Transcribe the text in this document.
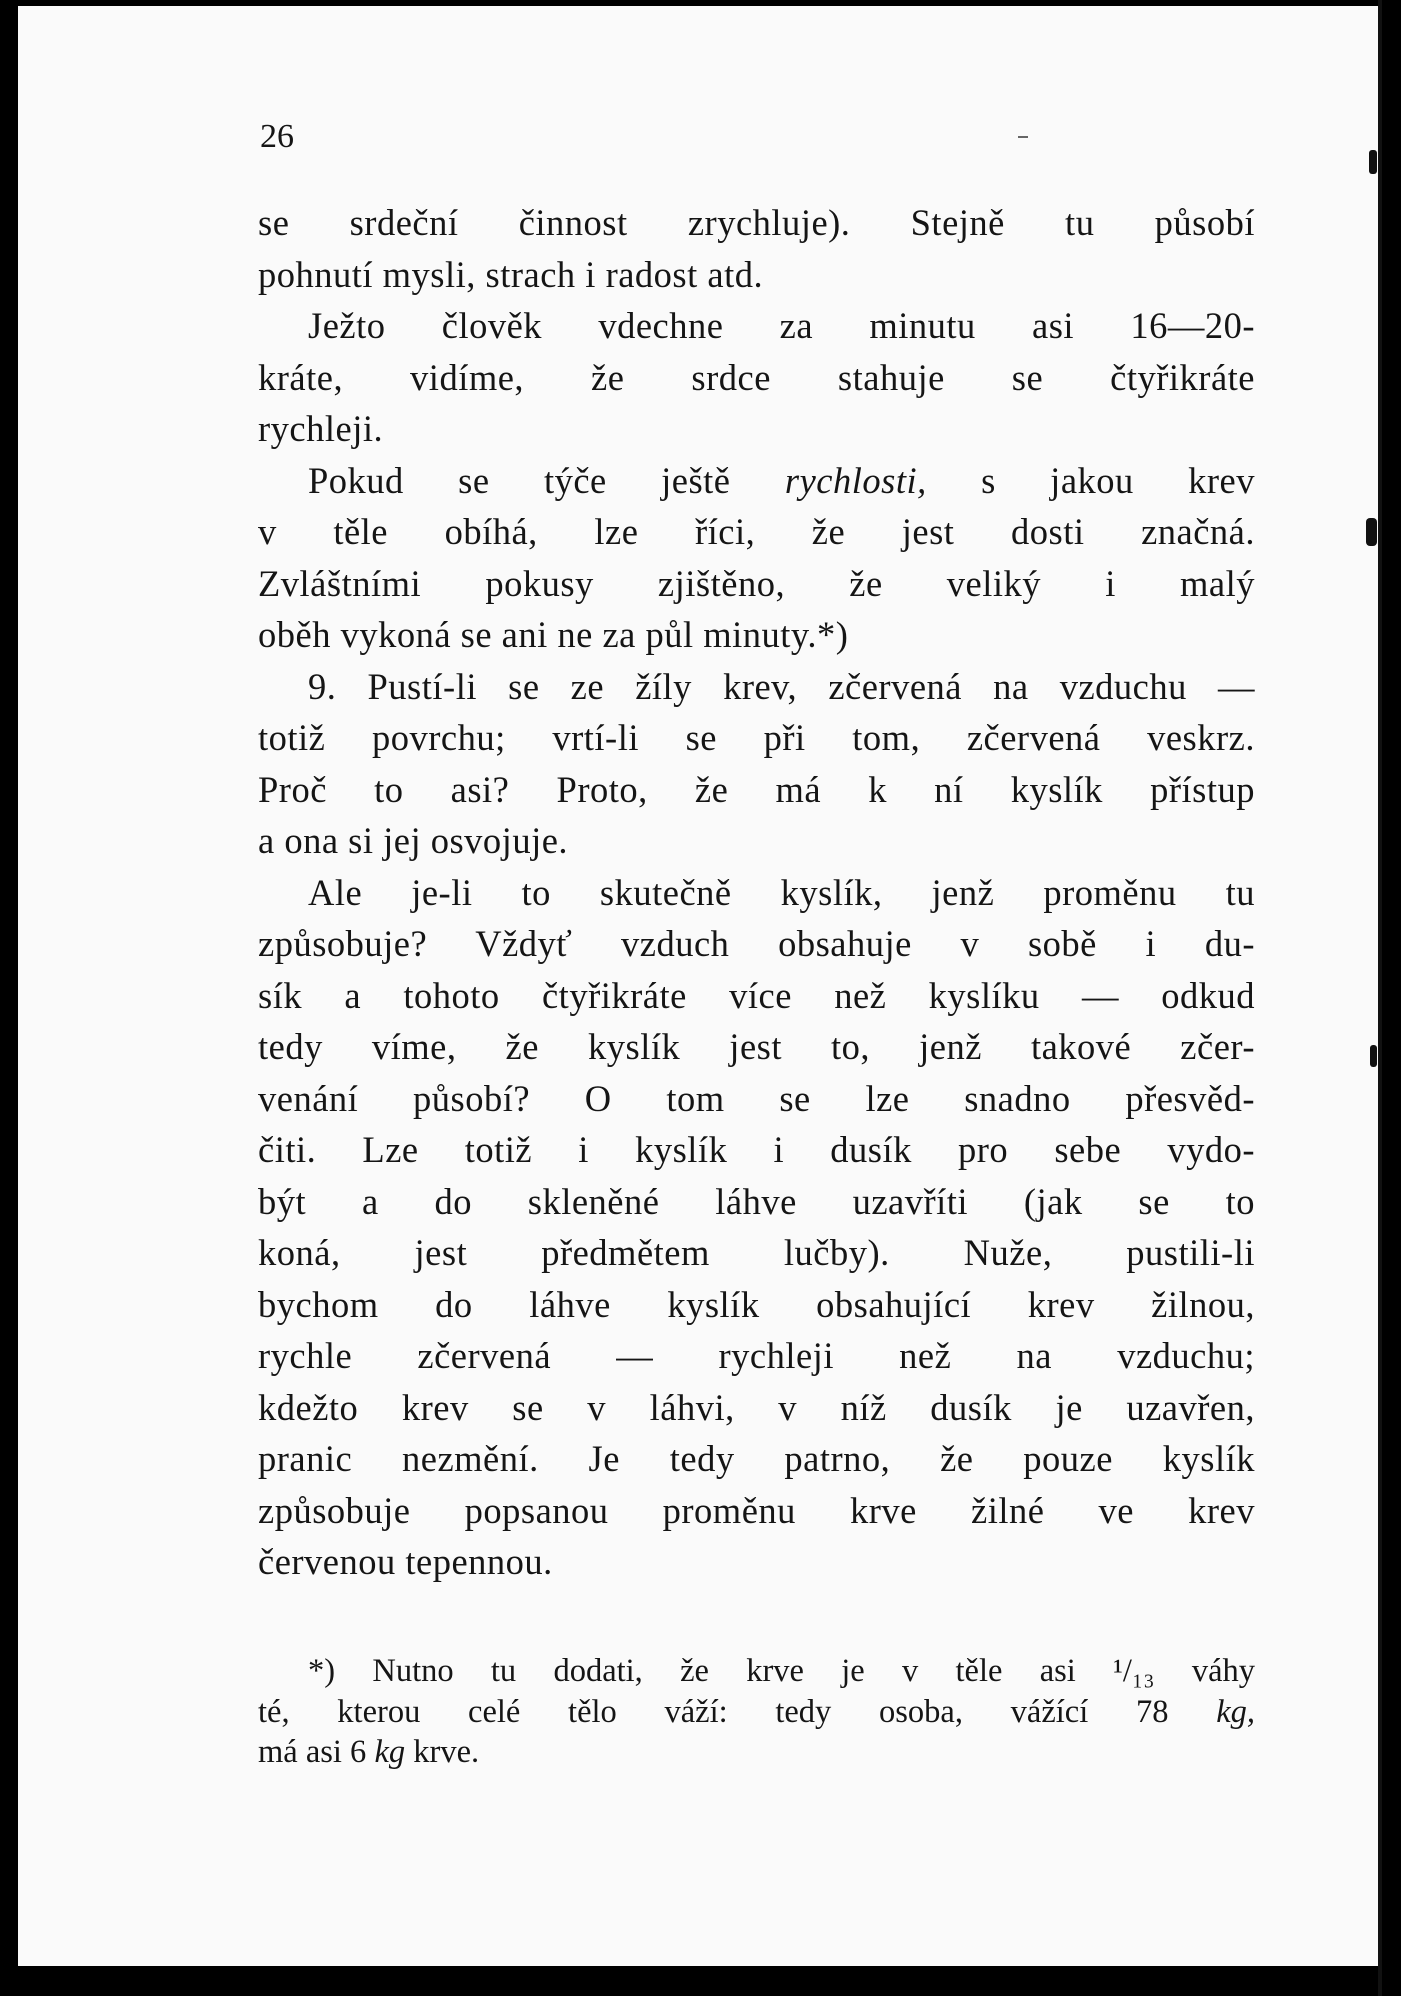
26
se srdeční činnost zrychluje). Stejně tu působí
pohnutí mysli, strach i radost atd.
Ježto člověk vdechne za minutu asi 16—20-
kráte, vidíme, že srdce stahuje se čtyřikráte
rychleji.
Pokud se týče ještě rychlosti, s jakou krev
v těle obíhá, lze říci, že jest dosti značná.
Zvláštními pokusy zjištěno, že veliký i malý
oběh vykoná se ani ne za půl minuty.*)
9. Pustí-li se ze žíly krev, zčervená na vzduchu —
totiž povrchu; vrtí-li se při tom, zčervená veskrz.
Proč to asi? Proto, že má k ní kyslík přístup
a ona si jej osvojuje.
Ale je-li to skutečně kyslík, jenž proměnu tu
způsobuje? Vždyť vzduch obsahuje v sobě i du-
sík a tohoto čtyřikráte více než kyslíku — odkud
tedy víme, že kyslík jest to, jenž takové zčer-
venání působí? O tom se lze snadno přesvěd-
čiti. Lze totiž i kyslík i dusík pro sebe vydo-
být a do skleněné láhve uzavříti (jak se to
koná, jest předmětem lučby). Nuže, pustili-li
bychom do láhve kyslík obsahující krev žilnou,
rychle zčervená — rychleji než na vzduchu;
kdežto krev se v láhvi, v níž dusík je uzavřen,
pranic nezmění. Je tedy patrno, že pouze kyslík
způsobuje popsanou proměnu krve žilné ve krev
červenou tepennou.
*) Nutno tu dodati, že krve je v těle asi ¹/₁₃ váhy
té, kterou celé tělo váží: tedy osoba, vážící 78 kg,
má asi 6 kg krve.
